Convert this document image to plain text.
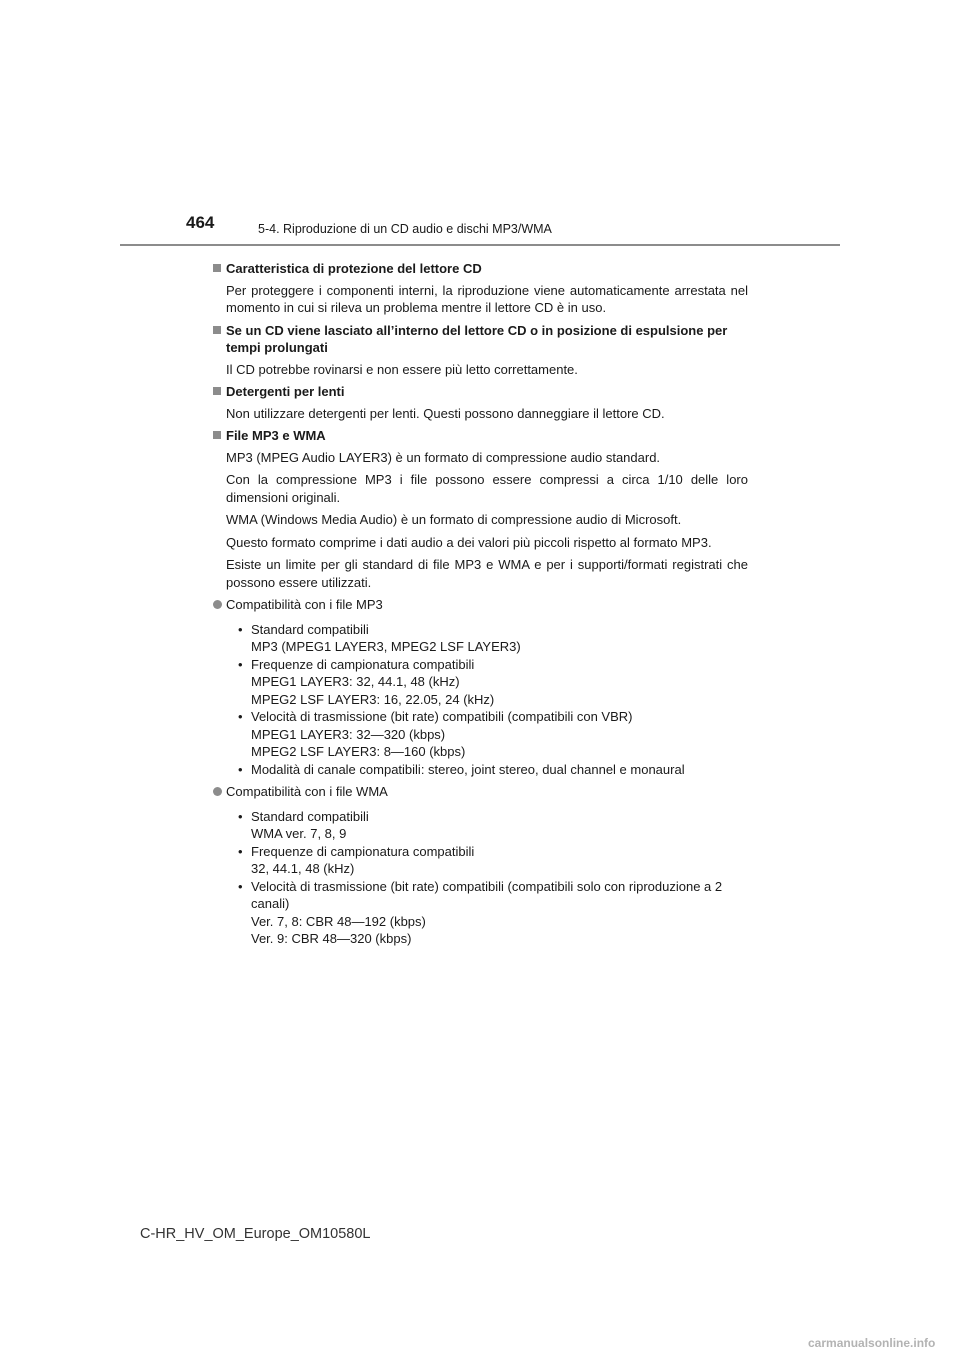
464	5-4. Riproduzione di un CD audio e dischi MP3/WMA
Caratteristica di protezione del lettore CD

Per proteggere i componenti interni, la riproduzione viene automaticamente arrestata nel momento in cui si rileva un problema mentre il lettore CD è in uso.

Se un CD viene lasciato all’interno del lettore CD o in posizione di espulsione per tempi prolungati

Il CD potrebbe rovinarsi e non essere più letto correttamente.

Detergenti per lenti

Non utilizzare detergenti per lenti. Questi possono danneggiare il lettore CD.

File MP3 e WMA

MP3 (MPEG Audio LAYER3) è un formato di compressione audio standard.

Con la compressione MP3 i file possono essere compressi a circa 1/10 delle loro dimensioni originali.

WMA (Windows Media Audio) è un formato di compressione audio di Microsoft.

Questo formato comprime i dati audio a dei valori più piccoli rispetto al formato MP3.

Esiste un limite per gli standard di file MP3 e WMA e per i supporti/formati registrati che possono essere utilizzati.

Compatibilità con i file MP3
• Standard compatibili
MP3 (MPEG1 LAYER3, MPEG2 LSF LAYER3)
• Frequenze di campionatura compatibili
MPEG1 LAYER3: 32, 44.1, 48 (kHz)
MPEG2 LSF LAYER3: 16, 22.05, 24 (kHz)
• Velocità di trasmissione (bit rate) compatibili (compatibili con VBR)
MPEG1 LAYER3: 32—320 (kbps)
MPEG2 LSF LAYER3: 8—160 (kbps)
• Modalità di canale compatibili: stereo, joint stereo, dual channel e monaural
Compatibilità con i file WMA
• Standard compatibili
WMA ver. 7, 8, 9
• Frequenze di campionatura compatibili
32, 44.1, 48 (kHz)
• Velocità di trasmissione (bit rate) compatibili (compatibili solo con riproduzione a 2 canali)
Ver. 7, 8: CBR 48—192 (kbps)
Ver. 9: CBR 48—320 (kbps)
C-HR_HV_OM_Europe_OM10580L
carmanualsonline.info
